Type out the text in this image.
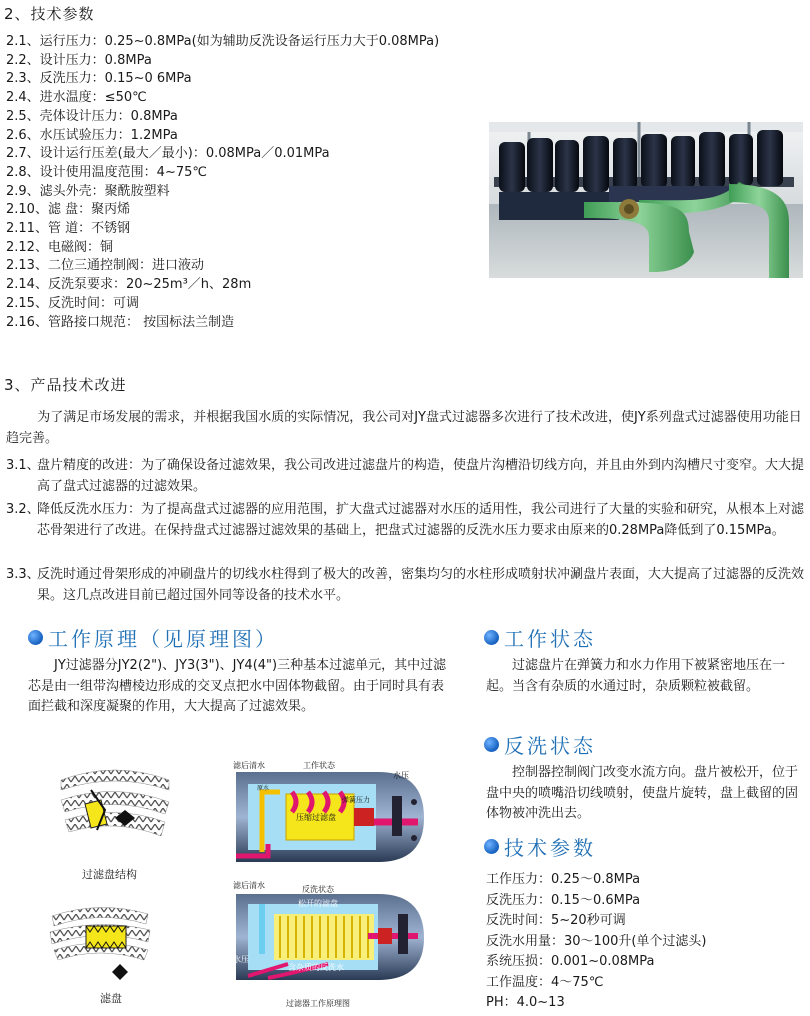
2、技术参数
2.1、运行压力：0.25~0.8MPa(如为辅助反洗设备运行压力大于0.08MPa)
2.2、设计压力：0.8MPa
2.3、反洗压力：0.15~0 6MPa
2.4、进水温度：≤50℃
2.5、壳体设计压力：0.8MPa
2.6、水压试验压力：1.2MPa
2.7、设计运行压差(最大／最小)：0.08MPa／0.01MPa
2.8、设计使用温度范围：4~75℃
2.9、滤头外壳：聚酰胺塑料
2.10、滤 盘：聚丙烯
2.11、管 道：不锈钢
2.12、电磁阀：铜
2.13、二位三通控制阀：进口液动
2.14、反洗泵要求：20~25m³／h、28m
2.15、反洗时间：可调
2.16、管路接口规范： 按国标法兰制造
3、产品技术改进
为了满足市场发展的需求，并根据我国水质的实际情况，我公司对JY盘式过滤器多次进行了技术改进，使JY系列盘式过滤器使用功能日趋完善。
3.1、
盘片精度的改进：为了确保设备过滤效果，我公司改进过滤盘片的构造，使盘片沟槽沿切线方向，并且由外到内沟槽尺寸变窄。大大提高了盘式过滤器的过滤效果。
3.2、
降低反洗水压力：为了提高盘式过滤器的应用范围，扩大盘式过滤器对水压的适用性，我公司进行了大量的实验和研究，从根本上对滤芯骨架进行了改进。在保持盘式过滤器过滤效果的基础上，把盘式过滤器的反洗水压力要求由原来的0.28MPa降低到了0.15MPa。
3.3、
反洗时通过骨架形成的冲刷盘片的切线水柱得到了极大的改善，密集均匀的水柱形成喷射状冲涮盘片表面，大大提高了过滤器的反洗效果。这几点改进目前已超过国外同等设备的技术水平。
工作原理（见原理图）
JY过滤器分JY2(2")、JY3(3")、JY4(4")三种基本过滤单元，其中过滤芯是由一组带沟槽棱边形成的交叉点把水中固体物截留。由于同时具有表面拦截和深度凝聚的作用，大大提高了过滤效果。
工作状态
过滤盘片在弹簧力和水力作用下被紧密地压在一起。当含有杂质的水通过时，杂质颗粒被截留。
反洗状态
控制器控制阀门改变水流方向。盘片被松开，位于盘中央的喷嘴沿切线喷射，使盘片旋转，盘上截留的固体物被冲洗出去。
技术参数
工作压力：0.25～0.8MPa
反洗压力：0.15～0.6MPa
反洗时间：5~20秒可调
反洗水用量：30～100升(单个过滤头)
系统压损：0.001~0.08MPa
工作温度：4～75℃
PH：4.0~13
过滤盘结构
滤盘
滤后清水	工作状态
水压
原水
弹簧压力
压缩过滤盘
滤后清水	反洗状态
松开的滤盘
水压
含杂质的反洗水
过滤器工作原理图
